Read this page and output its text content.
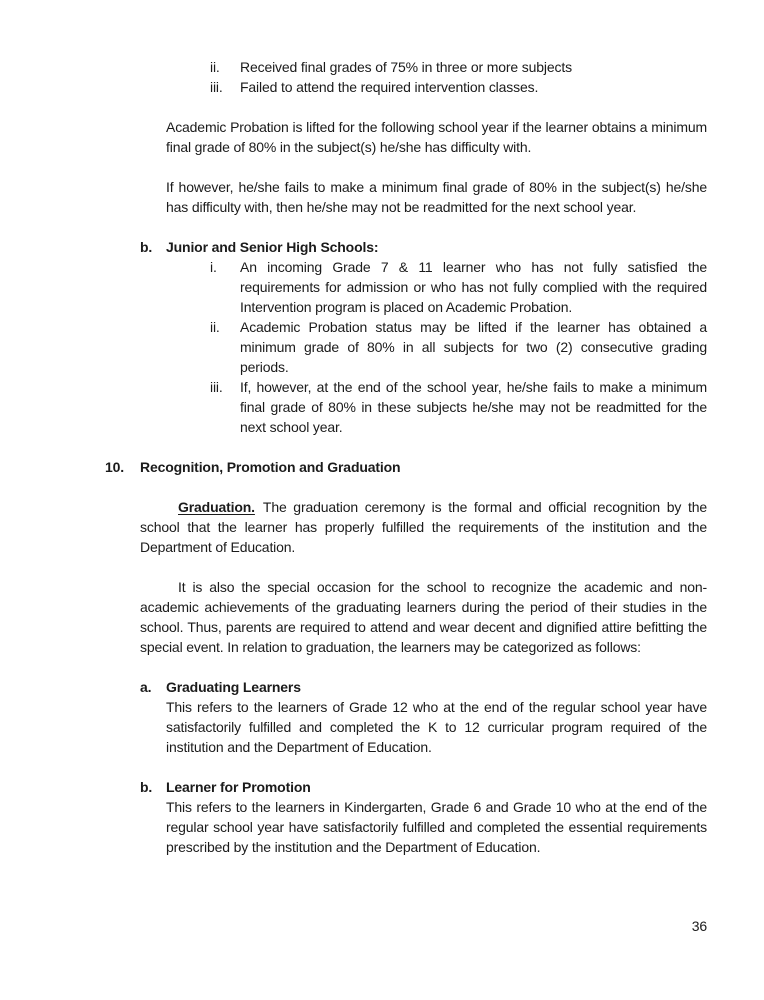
ii.	Received final grades of 75% in three or more subjects
iii.	Failed to attend the required intervention classes.

Academic Probation is lifted for the following school year if the learner obtains a minimum final grade of 80% in the subject(s) he/she has difficulty with.

If however, he/she fails to make a minimum final grade of 80% in the subject(s) he/she has difficulty with, then he/she may not be readmitted for the next school year.

b. Junior and Senior High Schools:
i.	An incoming Grade 7 & 11 learner who has not fully satisfied the requirements for admission or who has not fully complied with the required Intervention program is placed on Academic Probation.
ii.	Academic Probation status may be lifted if the learner has obtained a minimum grade of 80% in all subjects for two (2) consecutive grading periods.
iii.	If, however, at the end of the school year, he/she fails to make a minimum final grade of 80% in these subjects he/she may not be readmitted for the next school year.
10.	Recognition, Promotion and Graduation

Graduation. The graduation ceremony is the formal and official recognition by the school that the learner has properly fulfilled the requirements of the institution and the Department of Education.

It is also the special occasion for the school to recognize the academic and non-academic achievements of the graduating learners during the period of their studies in the school. Thus, parents are required to attend and wear decent and dignified attire befitting the special event. In relation to graduation, the learners may be categorized as follows:

a.	Graduating Learners
This refers to the learners of Grade 12 who at the end of the regular school year have satisfactorily fulfilled and completed the K to 12 curricular program required of the institution and the Department of Education.
b. Learner for Promotion
This refers to the learners in Kindergarten, Grade 6 and Grade 10 who at the end of the regular school year have satisfactorily fulfilled and completed the essential requirements prescribed by the institution and the Department of Education.
36
